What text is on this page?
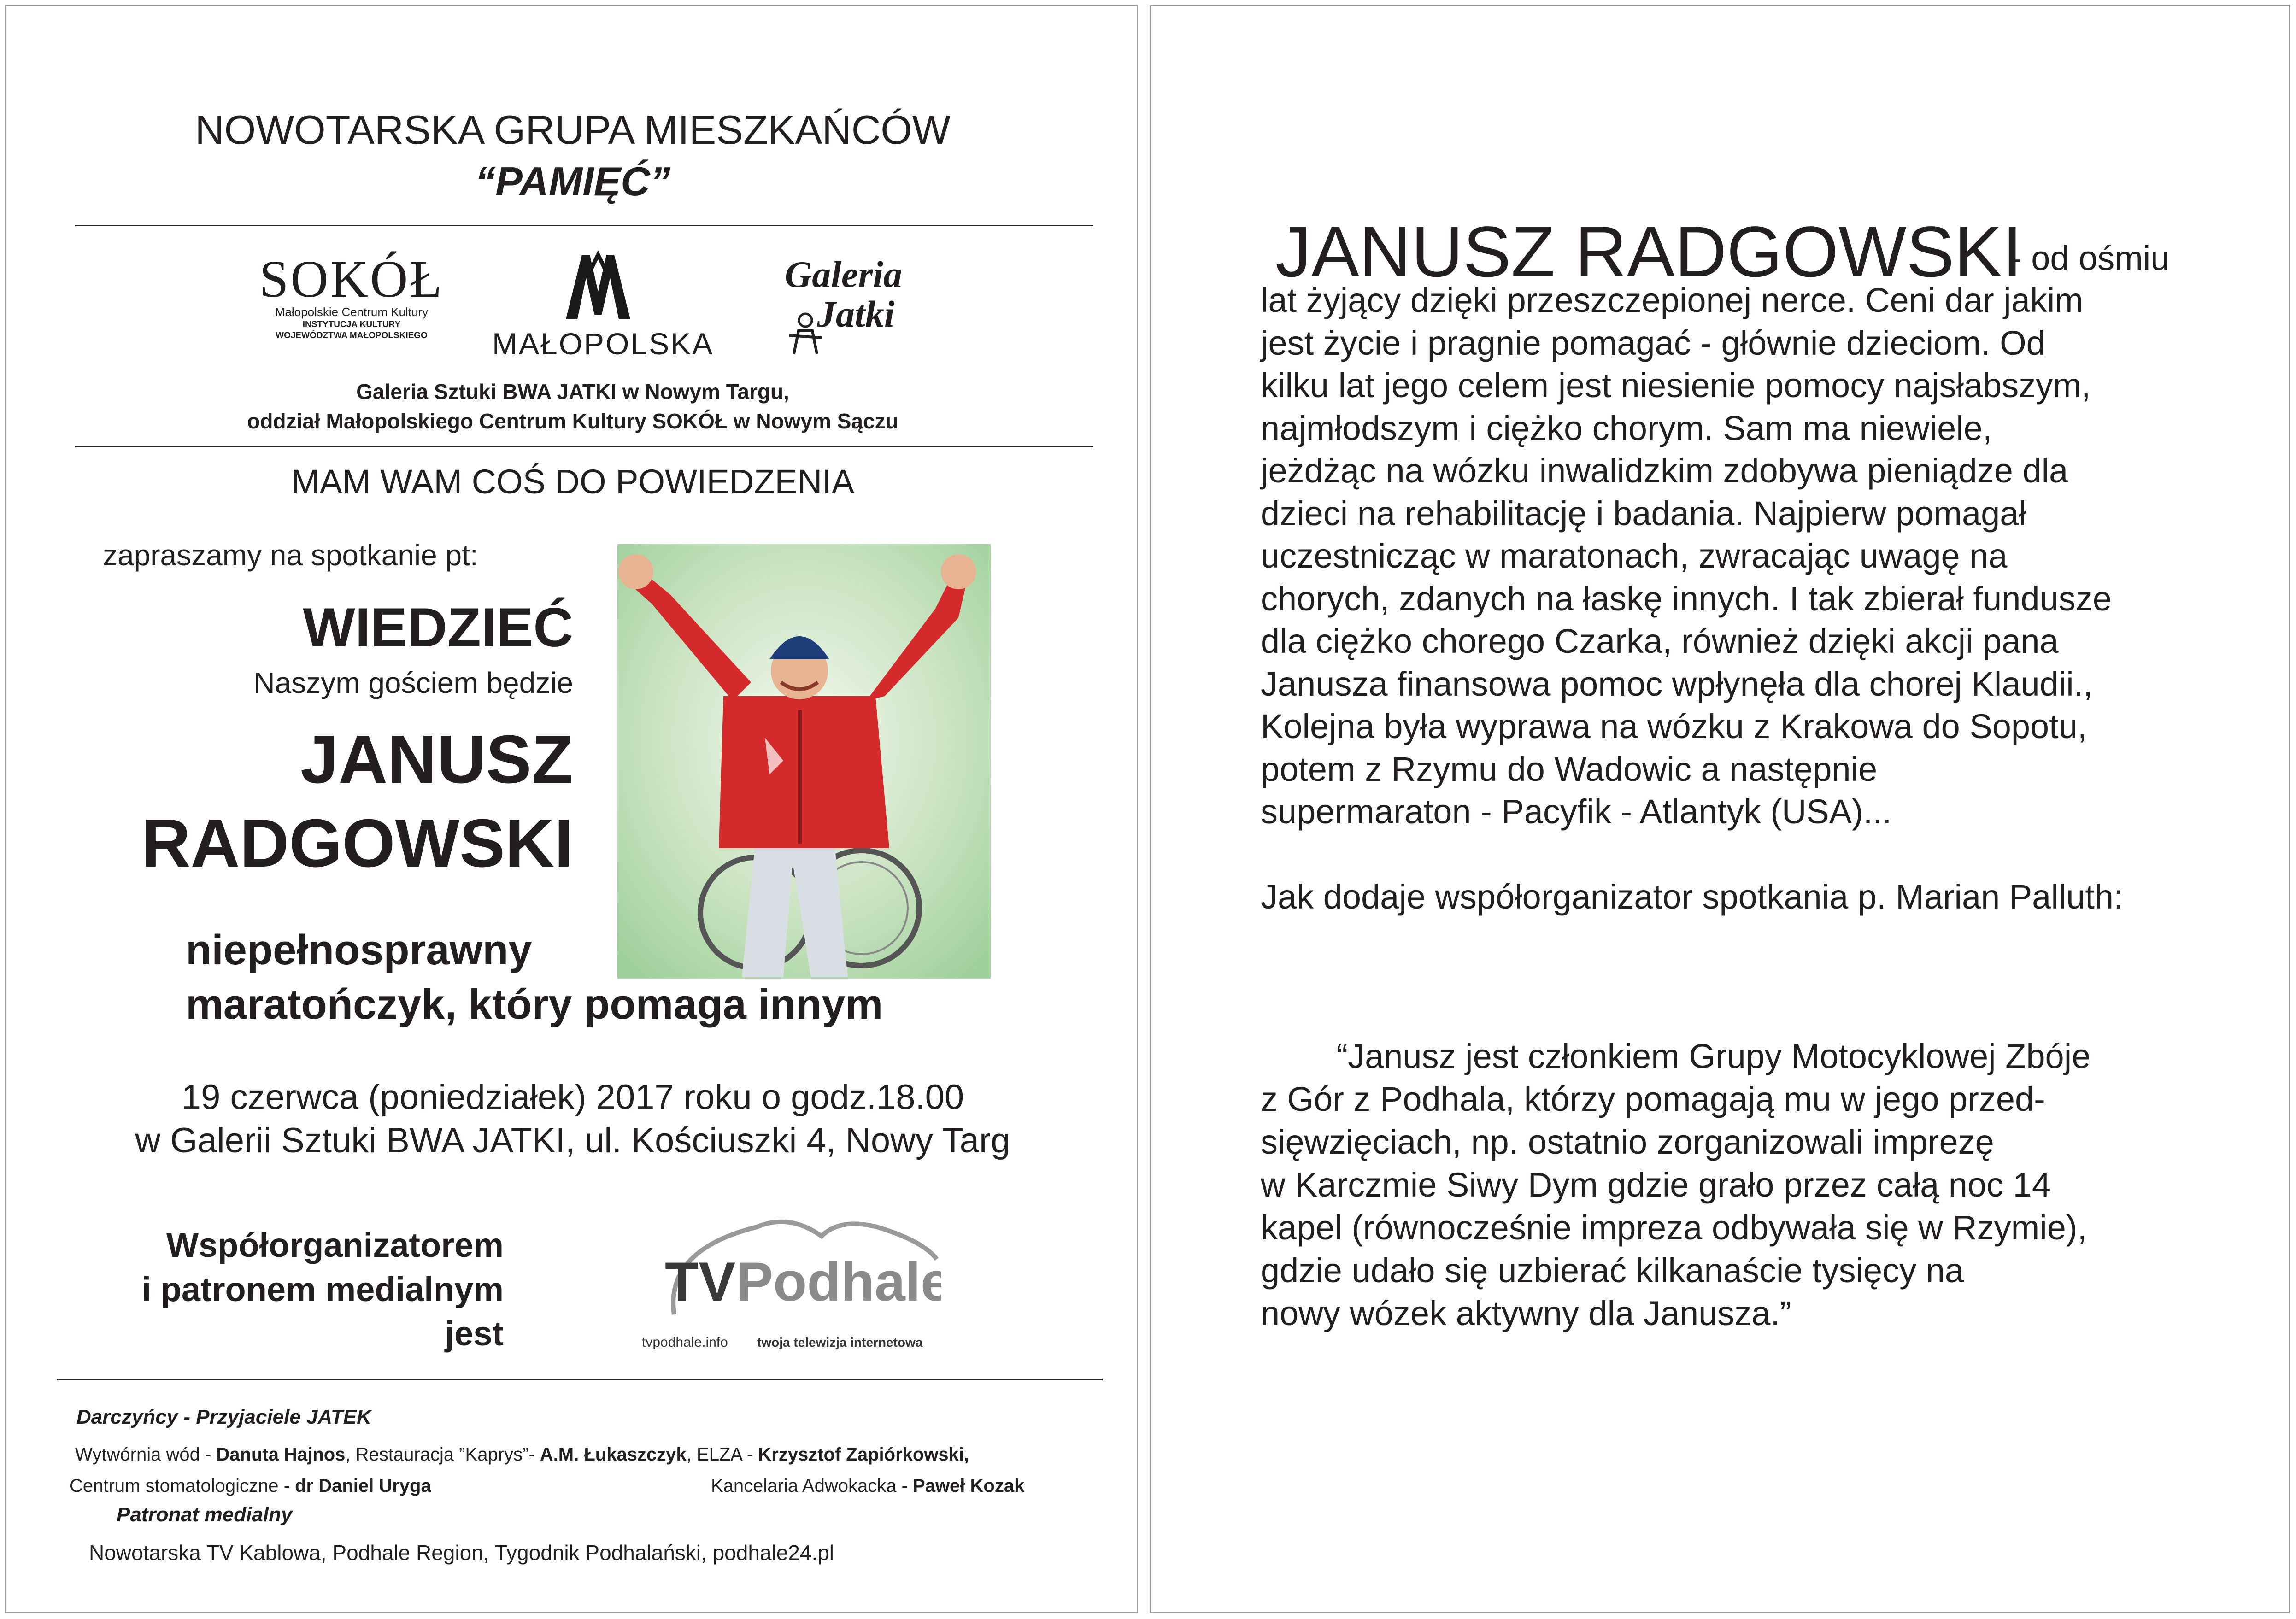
NOWOTARSKA GRUPA MIESZKAŃCÓW
“PAMIĘĆ”
SOKÓŁ
Małopolskie Centrum Kultury
INSTYTUCJA KULTURY
WOJEWÓDZTWA MAŁOPOLSKIEGO	MAŁOPOLSKA
Galeria
Jatki
Galeria Sztuki BWA JATKI w Nowym Targu,
oddział Małopolskiego Centrum Kultury SOKÓŁ w Nowym Sączu
MAM WAM COŚ DO POWIEDZENIA
zapraszamy na spotkanie pt:
WIEDZIEĆ
Naszym gościem będzie
JANUSZ
RADGOWSKI
niepełnosprawny
maratończyk, który pomaga innym
19 czerwca (poniedziałek) 2017 roku o godz.18.00
w Galerii Sztuki BWA JATKI, ul. Kościuszki 4, Nowy Targ
Współorganizatorem
i patronem medialnym
jest
TV Podhale
tvpodhale.info twoja telewizja internetowa
Darczyńcy - Przyjaciele JATEK
Wytwórnia wód - Danuta Hajnos, Restauracja ”Kaprys”- A.M. Łukaszczyk, ELZA - Krzysztof Zapiórkowski,
Centrum stomatologiczne - dr Daniel Uryga	Kancelaria Adwokacka - Paweł Kozak
Patronat medialny
Nowotarska TV Kablowa, Podhale Region, Tygodnik Podhalański, podhale24.pl
JANUSZ RADGOWSKI
- od ośmiu

lat żyjący dzięki przeszczepionej nerce. Ceni dar jakim

jest życie i pragnie pomagać - głównie dzieciom. Od

kilku lat jego celem jest niesienie pomocy najsłabszym,

najmłodszym i ciężko chorym. Sam ma niewiele,

jeżdżąc na wózku inwalidzkim zdobywa pieniądze dla

dzieci na rehabilitację i badania. Najpierw pomagał

uczestnicząc w maratonach, zwracając uwagę na

chorych, zdanych na łaskę innych. I tak zbierał fundusze

dla ciężko chorego Czarka, również dzięki akcji pana

Janusza finansowa pomoc wpłynęła dla chorej Klaudii.,

Kolejna była wyprawa na wózku z Krakowa do Sopotu,

potem z Rzymu do Wadowic a następnie

supermaraton - Pacyfik - Atlantyk (USA)...

Jak dodaje współorganizator spotkania p. Marian Palluth:

“Janusz jest członkiem Grupy Motocyklowej Zbóje

z Gór z Podhala, którzy pomagają mu w jego przed-

sięwzięciach, np. ostatnio zorganizowali imprezę

w Karczmie Siwy Dym gdzie grało przez całą noc 14

kapel (równocześnie impreza odbywała się w Rzymie),

gdzie udało się uzbierać kilkanaście tysięcy na

nowy wózek aktywny dla Janusza.”
